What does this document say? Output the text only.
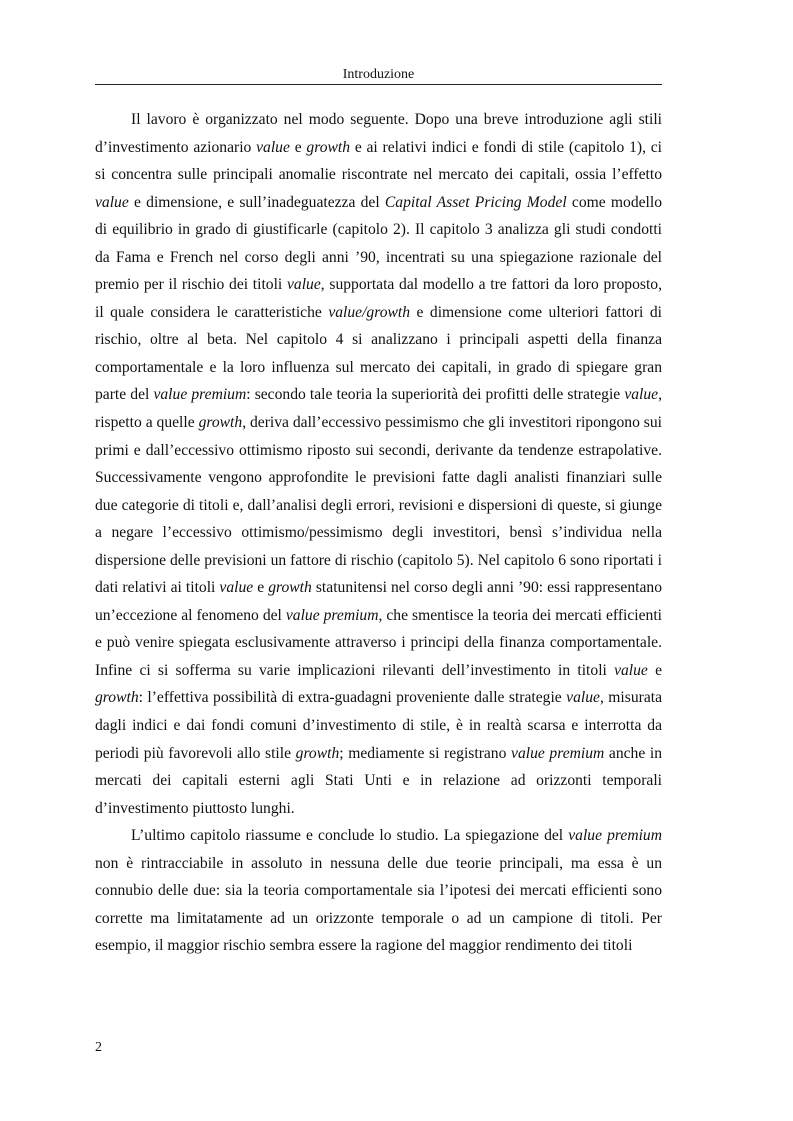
Introduzione

Il lavoro è organizzato nel modo seguente. Dopo una breve introduzione agli stili d’investimento azionario value e growth e ai relativi indici e fondi di stile (capitolo 1), ci si concentra sulle principali anomalie riscontrate nel mercato dei capitali, ossia l’effetto value e dimensione, e sull’inadeguatezza del Capital Asset Pricing Model come modello di equilibrio in grado di giustificarle (capitolo 2). Il capitolo 3 analizza gli studi condotti da Fama e French nel corso degli anni ’90, incentrati su una spiegazione razionale del premio per il rischio dei titoli value, supportata dal modello a tre fattori da loro proposto, il quale considera le caratteristiche value/growth e dimensione come ulteriori fattori di rischio, oltre al beta. Nel capitolo 4 si analizzano i principali aspetti della finanza comportamentale e la loro influenza sul mercato dei capitali, in grado di spiegare gran parte del value premium: secondo tale teoria la superiorità dei profitti delle strategie value, rispetto a quelle growth, deriva dall’eccessivo pessimismo che gli investitori ripongono sui primi e dall’eccessivo ottimismo riposto sui secondi, derivante da tendenze estrapolative. Successivamente vengono approfondite le previsioni fatte dagli analisti finanziari sulle due categorie di titoli e, dall’analisi degli errori, revisioni e dispersioni di queste, si giunge a negare l’eccessivo ottimismo/pessimismo degli investitori, bensì s’individua nella dispersione delle previsioni un fattore di rischio (capitolo 5). Nel capitolo 6 sono riportati i dati relativi ai titoli value e growth statunitensi nel corso degli anni ’90: essi rappresentano un’eccezione al fenomeno del value premium, che smentisce la teoria dei mercati efficienti e può venire spiegata esclusivamente attraverso i principi della finanza comportamentale. Infine ci si sofferma su varie implicazioni rilevanti dell’investimento in titoli value e growth: l’effettiva possibilità di extra-guadagni proveniente dalle strategie value, misurata dagli indici e dai fondi comuni d’investimento di stile, è in realtà scarsa e interrotta da periodi più favorevoli allo stile growth; mediamente si registrano value premium anche in mercati dei capitali esterni agli Stati Unti e in relazione ad orizzonti temporali d’investimento piuttosto lunghi.

L’ultimo capitolo riassume e conclude lo studio. La spiegazione del value premium non è rintracciabile in assoluto in nessuna delle due teorie principali, ma essa è un connubio delle due: sia la teoria comportamentale sia l’ipotesi dei mercati efficienti sono corrette ma limitatamente ad un orizzonte temporale o ad un campione di titoli. Per esempio, il maggior rischio sembra essere la ragione del maggior rendimento dei titoli

2
